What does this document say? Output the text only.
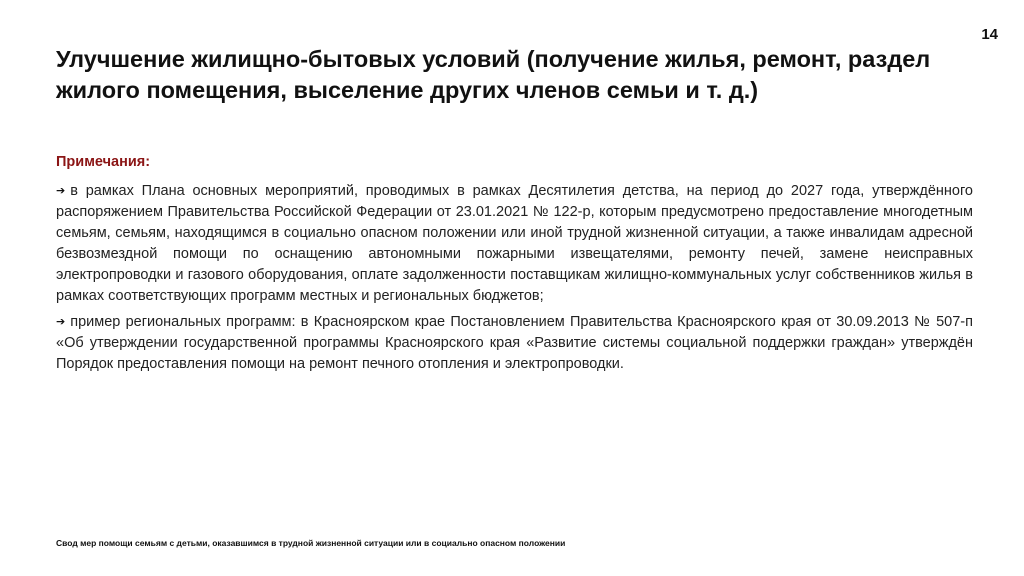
14
Улучшение жилищно-бытовых условий (получение жилья, ремонт, раздел жилого помещения, выселение других членов семьи и т. д.)
Примечания:

➔ в рамках Плана основных мероприятий, проводимых в рамках Десятилетия детства, на период до 2027 года, утверждённого распоряжением Правительства Российской Федерации от 23.01.2021 № 122-р, которым предусмотрено предоставление многодетным семьям, семьям, находящимся в социально опасном положении или иной трудной жизненной ситуации, а также инвалидам адресной безвозмездной помощи по оснащению автономными пожарными извещателями, ремонту печей, замене неисправных электропроводки и газового оборудования, оплате задолженности поставщикам жилищно-коммунальных услуг собственников жилья в рамках соответствующих программ местных и региональных бюджетов;

➔ пример региональных программ: в Красноярском крае Постановлением Правительства Красноярского края от 30.09.2013 № 507-п «Об утверждении государственной программы Красноярского края «Развитие системы социальной поддержки граждан» утверждён Порядок предоставления помощи на ремонт печного отопления и электропроводки.

Свод мер помощи семьям с детьми, оказавшимся в трудной жизненной ситуации или в социально опасном положении
